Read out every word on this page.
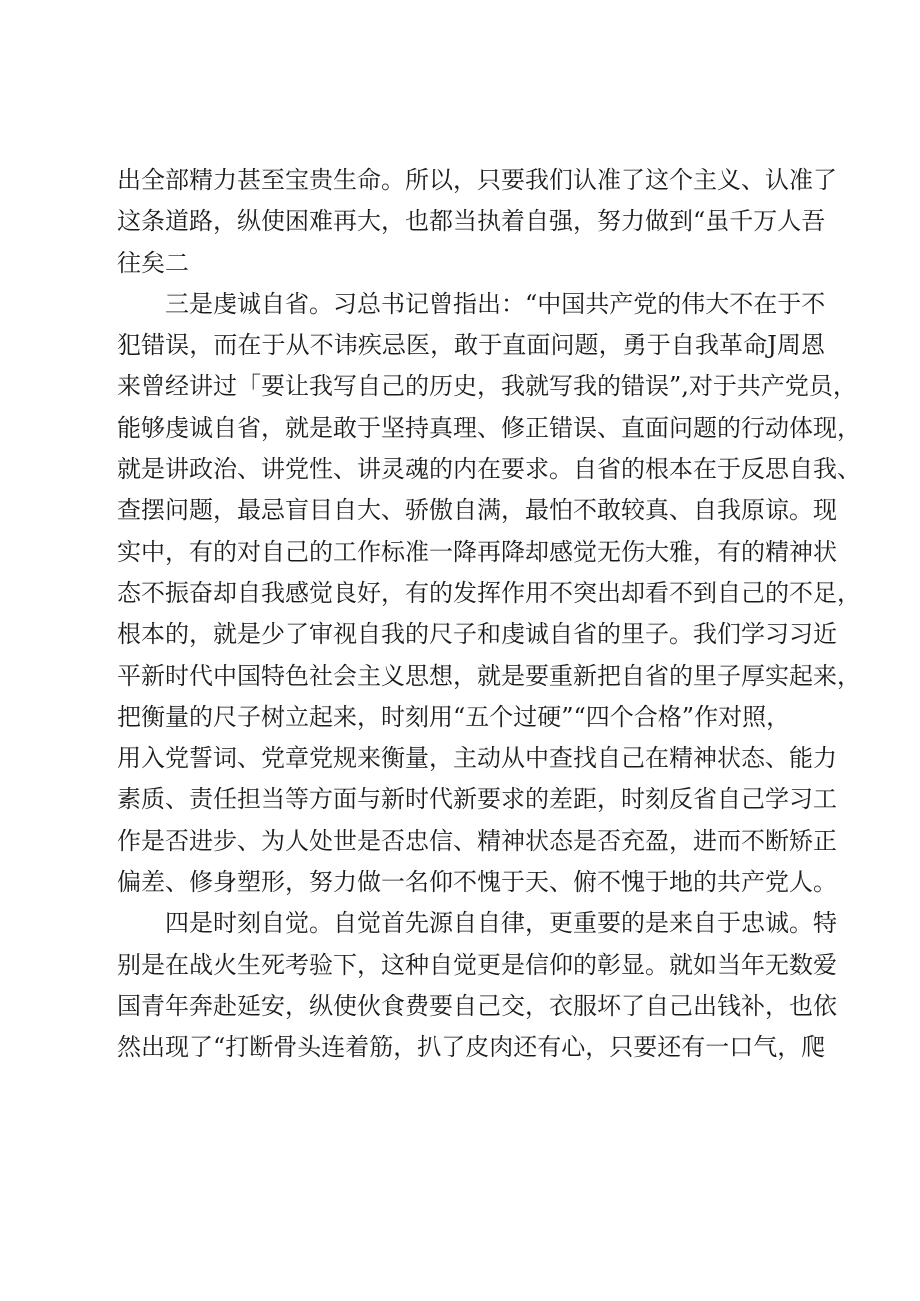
出全部精力甚至宝贵生命。所以，只要我们认准了这个主义、认准了
这条道路，纵使困难再大，也都当执着自强，努力做到“虽千万人吾
往矣二
三是虔诚自省。习总书记曾指出：“中国共产党的伟大不在于不
犯错误，而在于从不讳疾忌医，敢于直面问题，勇于自我革命J周恩
来曾经讲过「要让我写自己的历史，我就写我的错误”,对于共产党员，
能够虔诚自省，就是敢于坚持真理、修正错误、直面问题的行动体现，
就是讲政治、讲党性、讲灵魂的内在要求。自省的根本在于反思自我、
查摆问题，最忌盲目自大、骄傲自满，最怕不敢较真、自我原谅。现
实中，有的对自己的工作标准一降再降却感觉无伤大雅，有的精神状
态不振奋却自我感觉良好，有的发挥作用不突出却看不到自己的不足，
根本的，就是少了审视自我的尺子和虔诚自省的里子。我们学习习近
平新时代中国特色社会主义思想，就是要重新把自省的里子厚实起来，
把衡量的尺子树立起来，时刻用“五个过硬”“四个合格”作对照，
用入党誓词、党章党规来衡量，主动从中查找自己在精神状态、能力
素质、责任担当等方面与新时代新要求的差距，时刻反省自己学习工
作是否进步、为人处世是否忠信、精神状态是否充盈，进而不断矫正
偏差、修身塑形，努力做一名仰不愧于天、俯不愧于地的共产党人。
四是时刻自觉。自觉首先源自自律，更重要的是来自于忠诚。特
别是在战火生死考验下，这种自觉更是信仰的彰显。就如当年无数爱
国青年奔赴延安，纵使伙食费要自己交，衣服坏了自己出钱补，也依
然出现了“打断骨头连着筋，扒了皮肉还有心，只要还有一口气，爬
